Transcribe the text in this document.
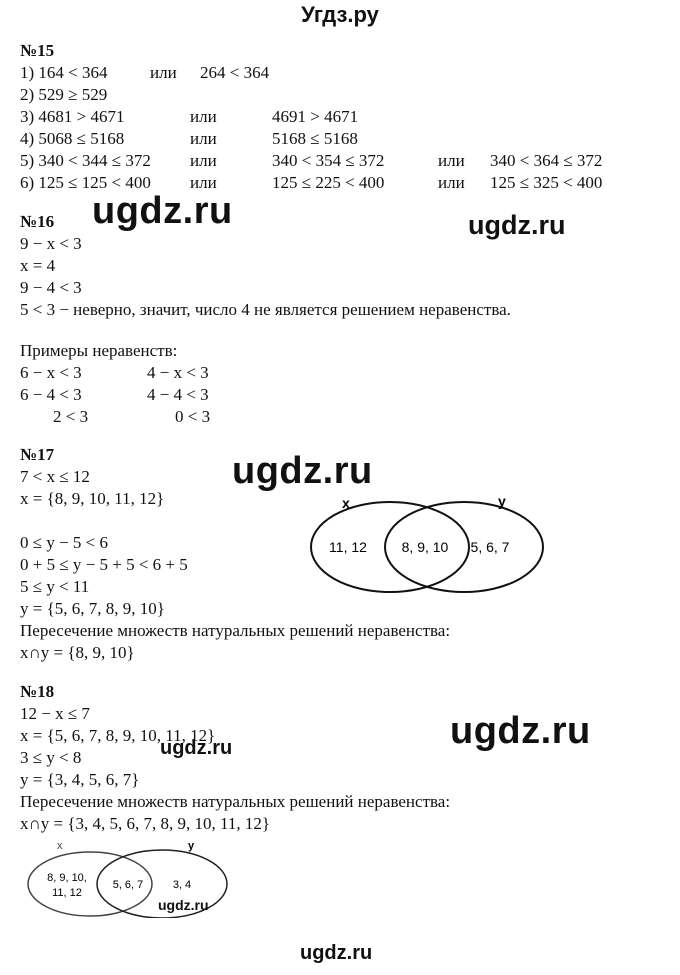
Угдз.ру
№15
1) 164 < 364	или 264 < 364
2) 529 ≥ 529
3) 4681 > 4671	или	4691 > 4671
4) 5068 ≤ 5168	или	5168 ≤ 5168
5) 340 < 344 ≤ 372 или	340 < 354 ≤ 372	или 340 < 364 ≤ 372
6) 125 ≤ 125 < 400 или	125 ≤ 225 < 400	или 125 ≤ 325 < 400
№16
9 − x < 3
x = 4
9 − 4 < 3
5 < 3 − неверно, значит, число 4 не является решением неравенства.
Примеры неравенств:
6 − x < 3	4 − x < 3
6 − 4 < 3	4 − 4 < 3
2 < 3	0 < 3
№17
7 < x ≤ 12
x = {8, 9, 10, 11, 12}
0 ≤ y − 5 < 6
0 + 5 ≤ y − 5 + 5 < 6 + 5
5 ≤ y < 11
y = {5, 6, 7, 8, 9, 10}
Пересечение множеств натуральных решений неравенства:
x∩y = {8, 9, 10}
x	y
11, 12 8, 9, 10 5, 6, 7
№18
12 − x ≤ 7
x = {5, 6, 7, 8, 9, 10, 11, 12}
3 ≤ y < 8
y = {3, 4, 5, 6, 7}
Пересечение множеств натуральных решений неравенства:
x∩y = {3, 4, 5, 6, 7, 8, 9, 10, 11, 12}
x	y
8, 9, 10,
11, 12
5, 6, 7	3, 4
ugdz.ru	ugdz.ru
ugdz.ru
ugdz.ru
ugdz.ru
ugdz.ru
ugdz.ru
